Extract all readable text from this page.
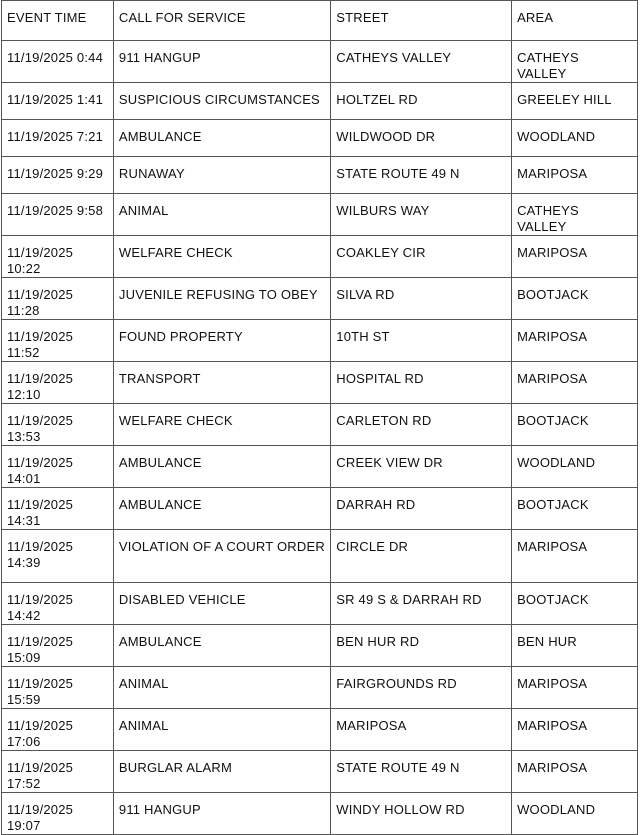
EVENT TIME	CALL FOR SERVICE	STREET	AREA
11/19/2025 0:44	911 HANGUP	CATHEYS VALLEY	CATHEYS VALLEY
11/19/2025 1:41	SUSPICIOUS CIRCUMSTANCES	HOLTZEL RD	GREELEY HILL
11/19/2025 7:21	AMBULANCE	WILDWOOD DR	WOODLAND
11/19/2025 9:29	RUNAWAY	STATE ROUTE 49 N	MARIPOSA
11/19/2025 9:58	ANIMAL	WILBURS WAY	CATHEYS VALLEY
11/19/2025 10:22	WELFARE CHECK	COAKLEY CIR	MARIPOSA
11/19/2025 11:28	JUVENILE REFUSING TO OBEY	SILVA RD	BOOTJACK
11/19/2025 11:52	FOUND PROPERTY	10TH ST	MARIPOSA
11/19/2025 12:10	TRANSPORT	HOSPITAL RD	MARIPOSA
11/19/2025 13:53	WELFARE CHECK	CARLETON RD	BOOTJACK
11/19/2025 14:01	AMBULANCE	CREEK VIEW DR	WOODLAND
11/19/2025 14:31	AMBULANCE	DARRAH RD	BOOTJACK
11/19/2025 14:39	VIOLATION OF A COURT ORDER	CIRCLE DR	MARIPOSA
11/19/2025 14:42	DISABLED VEHICLE	SR 49 S & DARRAH RD	BOOTJACK
11/19/2025 15:09	AMBULANCE	BEN HUR RD	BEN HUR
11/19/2025 15:59	ANIMAL	FAIRGROUNDS RD	MARIPOSA
11/19/2025 17:06	ANIMAL	MARIPOSA	MARIPOSA
11/19/2025 17:52	BURGLAR ALARM	STATE ROUTE 49 N	MARIPOSA
11/19/2025 19:07	911 HANGUP	WINDY HOLLOW RD	WOODLAND
